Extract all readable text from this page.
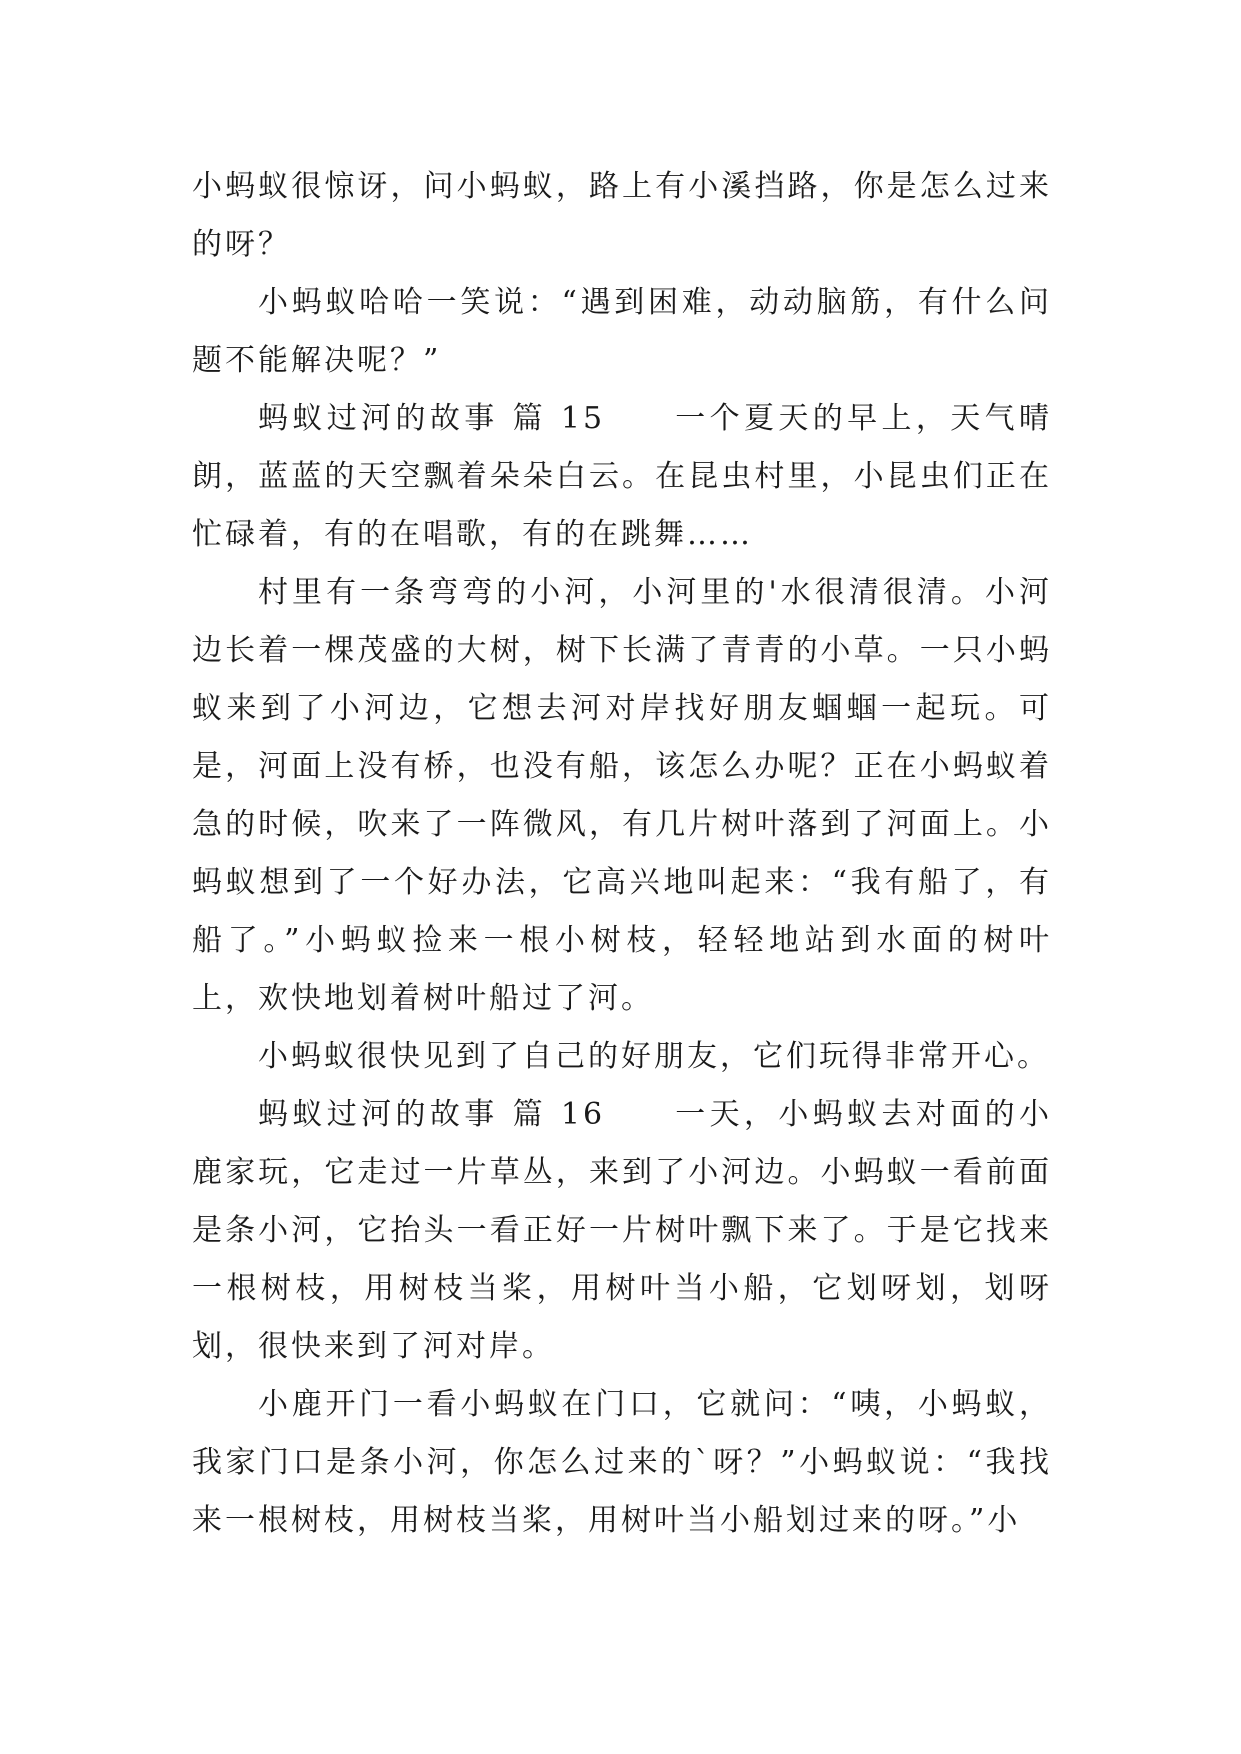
小蚂蚁很惊讶，问小蚂蚁，路上有小溪挡路，你是怎么过来的呀？

小蚂蚁哈哈一笑说：“遇到困难，动动脑筋，有什么问题不能解决呢？”

蚂蚁过河的故事 篇 15　　一个夏天的早上，天气晴朗，蓝蓝的天空飘着朵朵白云。在昆虫村里，小昆虫们正在忙碌着，有的在唱歌，有的在跳舞……

村里有一条弯弯的小河，小河里的'水很清很清。小河边长着一棵茂盛的大树，树下长满了青青的小草。一只小蚂蚁来到了小河边，它想去河对岸找好朋友蝈蝈一起玩。可是，河面上没有桥，也没有船，该怎么办呢？正在小蚂蚁着急的时候，吹来了一阵微风，有几片树叶落到了河面上。小蚂蚁想到了一个好办法，它高兴地叫起来：“我有船了，有船了。”小蚂蚁捡来一根小树枝，轻轻地站到水面的树叶上，欢快地划着树叶船过了河。

小蚂蚁很快见到了自己的好朋友，它们玩得非常开心。

蚂蚁过河的故事 篇 16　　一天，小蚂蚁去对面的小鹿家玩，它走过一片草丛，来到了小河边。小蚂蚁一看前面是条小河，它抬头一看正好一片树叶飘下来了。于是它找来一根树枝，用树枝当桨，用树叶当小船，它划呀划，划呀划，很快来到了河对岸。

小鹿开门一看小蚂蚁在门口，它就问：“咦，小蚂蚁，我家门口是条小河，你怎么过来的`呀？”小蚂蚁说：“我找来一根树枝，用树枝当桨，用树叶当小船划过来的呀。”小
